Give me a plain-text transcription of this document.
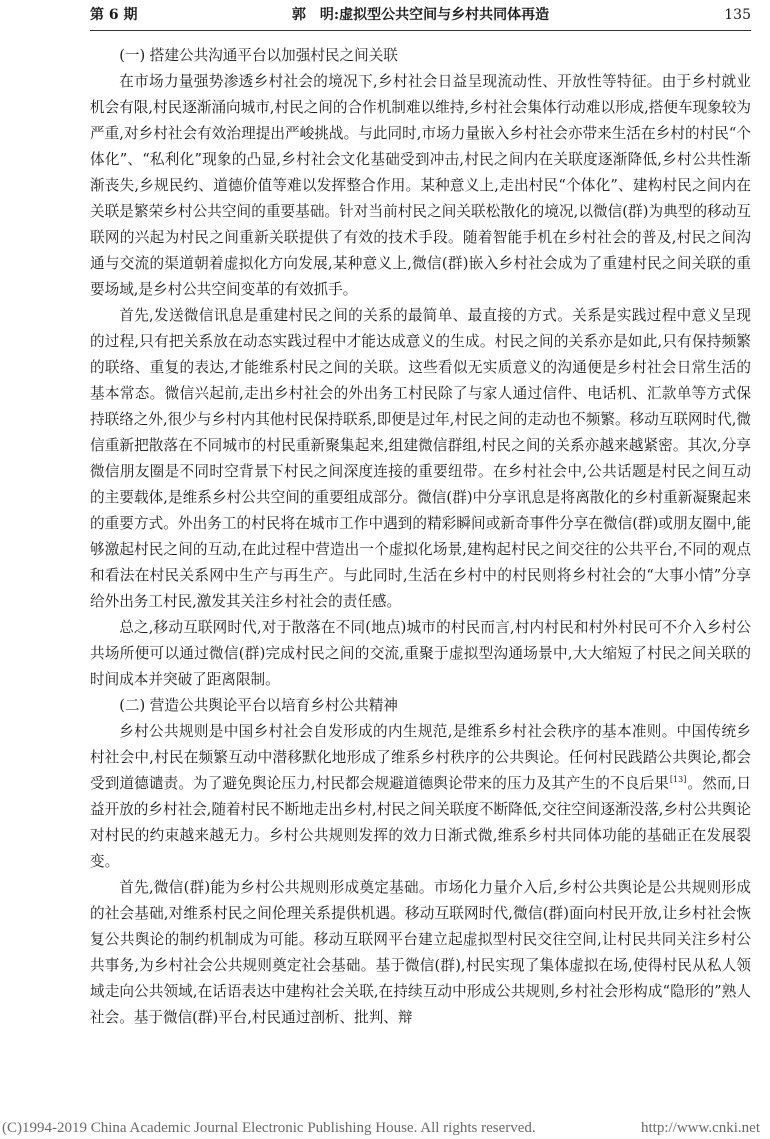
第 6 期	郭　明:虚拟型公共空间与乡村共同体再造	135
(一) 搭建公共沟通平台以加强村民之间关联

在市场力量强势渗透乡村社会的境况下,乡村社会日益呈现流动性、开放性等特征。由于乡村就业机会有限,村民逐渐涌向城市,村民之间的合作机制难以维持,乡村社会集体行动难以形成,搭便车现象较为严重,对乡村社会有效治理提出严峻挑战。与此同时,市场力量嵌入乡村社会亦带来生活在乡村的村民“个体化”、“私利化”现象的凸显,乡村社会文化基础受到冲击,村民之间内在关联度逐渐降低,乡村公共性渐渐丧失,乡规民约、道德价值等难以发挥整合作用。某种意义上,走出村民“个体化”、建构村民之间内在关联是繁荣乡村公共空间的重要基础。针对当前村民之间关联松散化的境况,以微信(群)为典型的移动互联网的兴起为村民之间重新关联提供了有效的技术手段。随着智能手机在乡村社会的普及,村民之间沟通与交流的渠道朝着虚拟化方向发展,某种意义上,微信(群)嵌入乡村社会成为了重建村民之间关联的重要场域,是乡村公共空间变革的有效抓手。

首先,发送微信讯息是重建村民之间的关系的最简单、最直接的方式。关系是实践过程中意义呈现的过程,只有把关系放在动态实践过程中才能达成意义的生成。村民之间的关系亦是如此,只有保持频繁的联络、重复的表达,才能维系村民之间的关联。这些看似无实质意义的沟通便是乡村社会日常生活的基本常态。微信兴起前,走出乡村社会的外出务工村民除了与家人通过信件、电话机、汇款单等方式保持联络之外,很少与乡村内其他村民保持联系,即便是过年,村民之间的走动也不频繁。移动互联网时代,微信重新把散落在不同城市的村民重新聚集起来,组建微信群组,村民之间的关系亦越来越紧密。其次,分享微信朋友圈是不同时空背景下村民之间深度连接的重要纽带。在乡村社会中,公共话题是村民之间互动的主要载体,是维系乡村公共空间的重要组成部分。微信(群)中分享讯息是将离散化的乡村重新凝聚起来的重要方式。外出务工的村民将在城市工作中遇到的精彩瞬间或新奇事件分享在微信(群)或朋友圈中,能够激起村民之间的互动,在此过程中营造出一个虚拟化场景,建构起村民之间交往的公共平台,不同的观点和看法在村民关系网中生产与再生产。与此同时,生活在乡村中的村民则将乡村社会的“大事小情”分享给外出务工村民,激发其关注乡村社会的责任感。

总之,移动互联网时代,对于散落在不同(地点)城市的村民而言,村内村民和村外村民可不介入乡村公共场所便可以通过微信(群)完成村民之间的交流,重聚于虚拟型沟通场景中,大大缩短了村民之间关联的时间成本并突破了距离限制。

(二) 营造公共舆论平台以培育乡村公共精神

乡村公共规则是中国乡村社会自发形成的内生规范,是维系乡村社会秩序的基本准则。中国传统乡村社会中,村民在频繁互动中潜移默化地形成了维系乡村秩序的公共舆论。任何村民践踏公共舆论,都会受到道德谴责。为了避免舆论压力,村民都会规避道德舆论带来的压力及其产生的不良后果[13]。然而,日益开放的乡村社会,随着村民不断地走出乡村,村民之间关联度不断降低,交往空间逐渐没落,乡村公共舆论对村民的约束越来越无力。乡村公共规则发挥的效力日渐式微,维系乡村共同体功能的基础正在发展裂变。

首先,微信(群)能为乡村公共规则形成奠定基础。市场化力量介入后,乡村公共舆论是公共规则形成的社会基础,对维系村民之间伦理关系提供机遇。移动互联网时代,微信(群)面向村民开放,让乡村社会恢复公共舆论的制约机制成为可能。移动互联网平台建立起虚拟型村民交往空间,让村民共同关注乡村公共事务,为乡村社会公共规则奠定社会基础。基于微信(群),村民实现了集体虚拟在场,使得村民从私人领域走向公共领域,在话语表达中建构社会关联,在持续互动中形成公共规则,乡村社会形构成“隐形的”熟人社会。基于微信(群)平台,村民通过剖析、批判、辩

(C)1994-2019 China Academic Journal Electronic Publishing House. All rights reserved.	http://www.cnki.net
